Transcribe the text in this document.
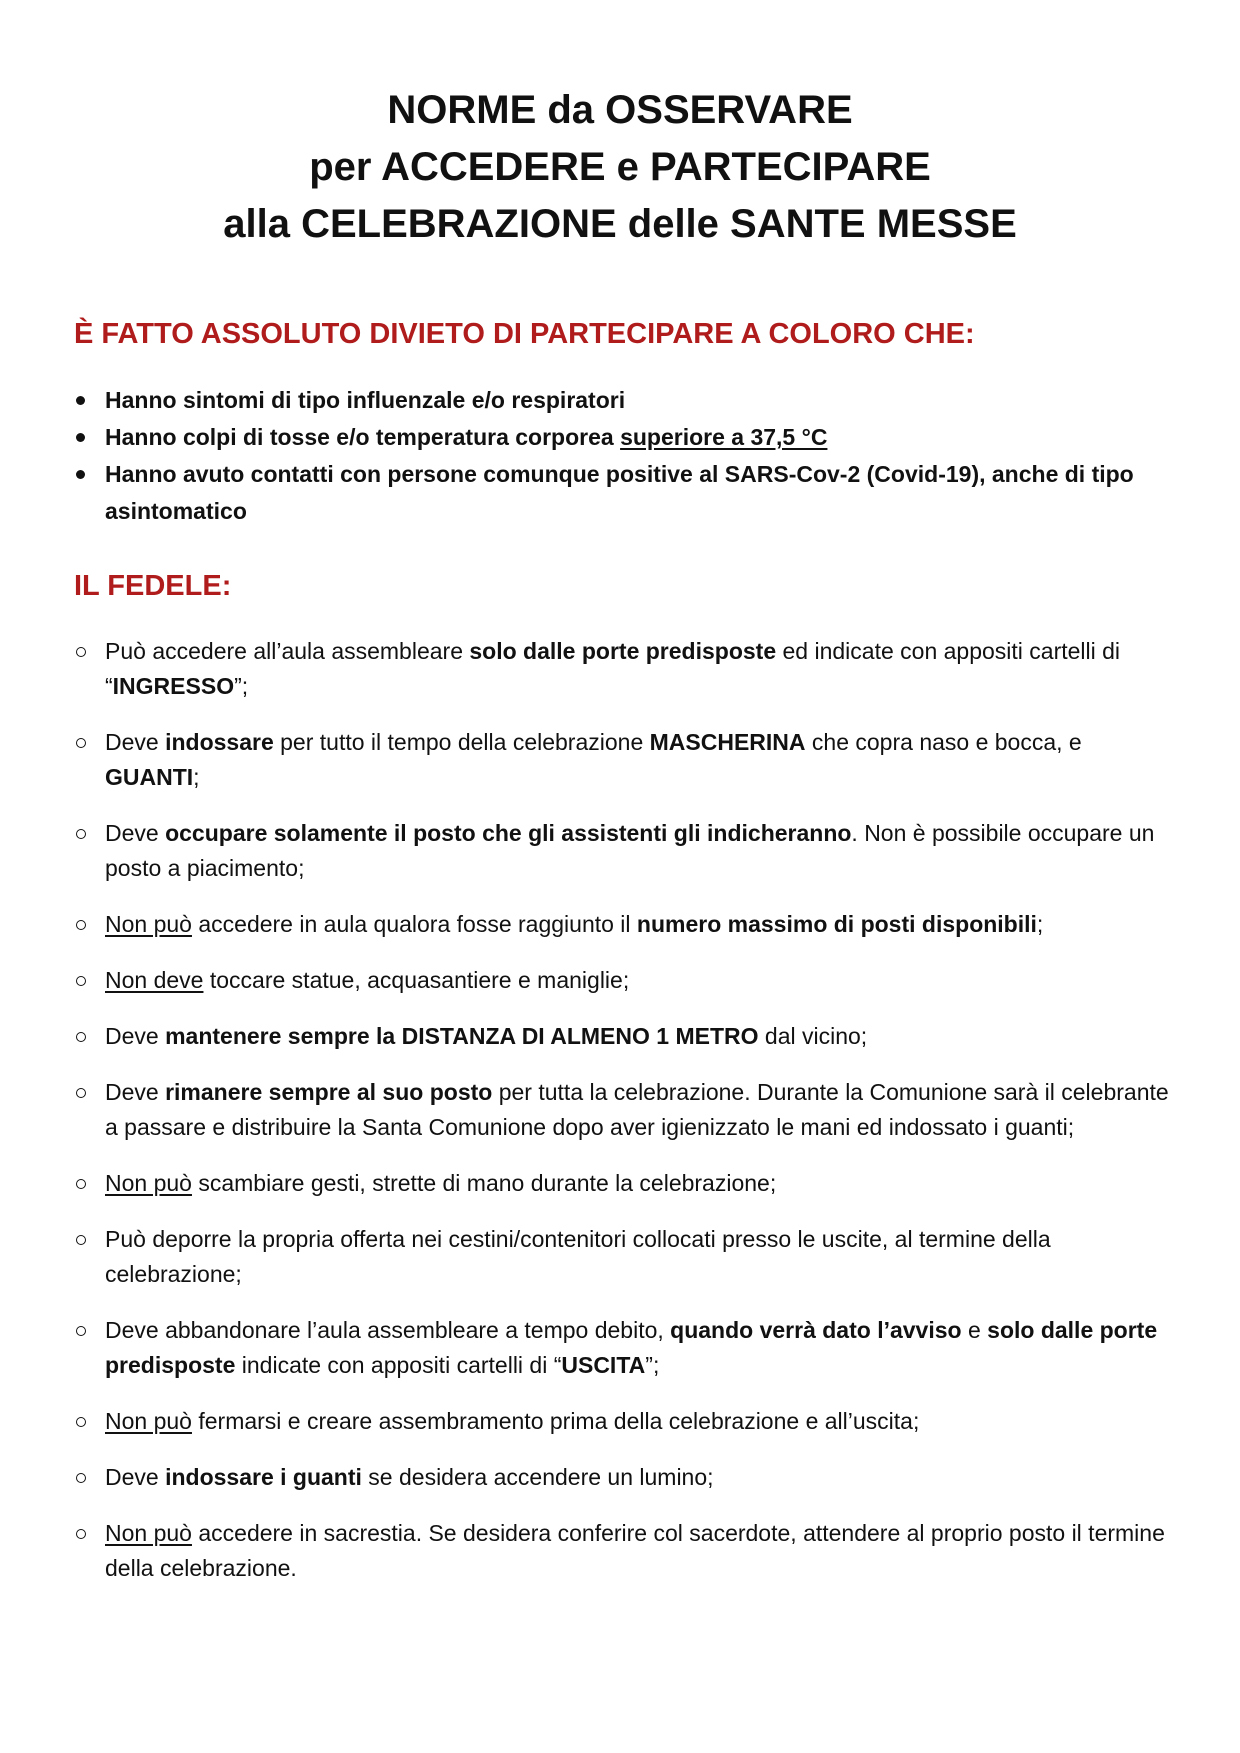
NORME da OSSERVARE
per ACCEDERE e PARTECIPARE
alla CELEBRAZIONE delle SANTE MESSE
È FATTO ASSOLUTO DIVIETO DI PARTECIPARE A COLORO CHE:
Hanno sintomi di tipo influenzale e/o respiratori
Hanno colpi di tosse e/o temperatura corporea superiore a 37,5 °C
Hanno avuto contatti con persone comunque positive al SARS-Cov-2 (Covid-19), anche di tipo asintomatico
IL FEDELE:
Può accedere all’aula assembleare solo dalle porte predisposte ed indicate con appositi cartelli di “INGRESSO”;
Deve indossare per tutto il tempo della celebrazione MASCHERINA che copra naso e bocca, e GUANTI;
Deve occupare solamente il posto che gli assistenti gli indicheranno. Non è possibile occupare un posto a piacimento;
Non può accedere in aula qualora fosse raggiunto il numero massimo di posti disponibili;
Non deve toccare statue, acquasantiere e maniglie;
Deve mantenere sempre la DISTANZA DI ALMENO 1 METRO dal vicino;
Deve rimanere sempre al suo posto per tutta la celebrazione. Durante la Comunione sarà il celebrante a passare e distribuire la Santa Comunione dopo aver igienizzato le mani ed indossato i guanti;
Non può scambiare gesti, strette di mano durante la celebrazione;
Può deporre la propria offerta nei cestini/contenitori collocati presso le uscite, al termine della celebrazione;
Deve abbandonare l’aula assembleare a tempo debito, quando verrà dato l’avviso e solo dalle porte predisposte indicate con appositi cartelli di “USCITA”;
Non può fermarsi e creare assembramento prima della celebrazione e all’uscita;
Deve indossare i guanti se desidera accendere un lumino;
Non può accedere in sacrestia. Se desidera conferire col sacerdote, attendere al proprio posto il termine della celebrazione.
